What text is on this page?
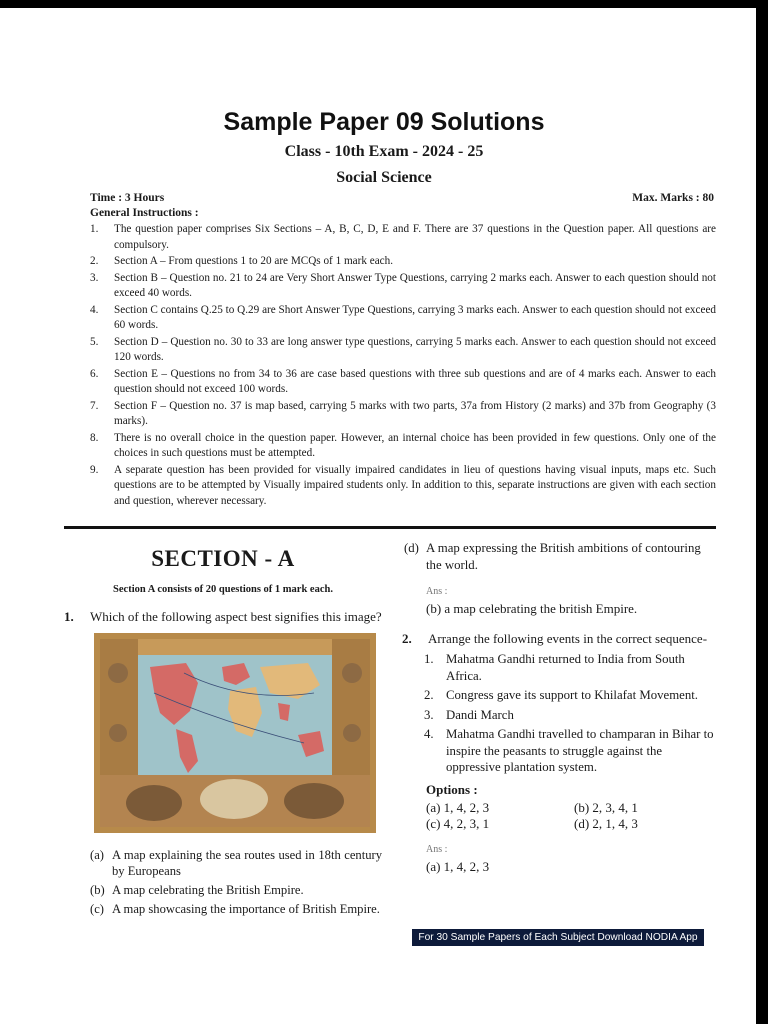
Sample Paper 09 Solutions
Class - 10th Exam - 2024 - 25
Social Science
Time : 3 Hours	Max. Marks : 80
General Instructions :
1. The question paper comprises Six Sections – A, B, C, D, E and F. There are 37 questions in the Question paper. All questions are compulsory.
2. Section A – From questions 1 to 20 are MCQs of 1 mark each.
3. Section B – Question no. 21 to 24 are Very Short Answer Type Questions, carrying 2 marks each. Answer to each question should not exceed 40 words.
4. Section C contains Q.25 to Q.29 are Short Answer Type Questions, carrying 3 marks each. Answer to each question should not exceed 60 words.
5. Section D – Question no. 30 to 33 are long answer type questions, carrying 5 marks each. Answer to each question should not exceed 120 words.
6. Section E – Questions no from 34 to 36 are case based questions with three sub questions and are of 4 marks each. Answer to each question should not exceed 100 words.
7. Section F – Question no. 37 is map based, carrying 5 marks with two parts, 37a from History (2 marks) and 37b from Geography (3 marks).
8. There is no overall choice in the question paper. However, an internal choice has been provided in few questions. Only one of the choices in such questions must be attempted.
9. A separate question has been provided for visually impaired candidates in lieu of questions having visual inputs, maps etc. Such questions are to be attempted by Visually impaired students only. In addition to this, separate instructions are given with each section and question, wherever necessary.
SECTION - A
Section A consists of 20 questions of 1 mark each.
1. Which of the following aspect best signifies this image?
(a) A map explaining the sea routes used in 18th century by Europeans
(b) A map celebrating the British Empire.
(c) A map showcasing the importance of British Empire.
(d) A map expressing the British ambitions of contouring the world.
Ans :
(b) a map celebrating the british Empire.
2. Arrange the following events in the correct sequence-
1. Mahatma Gandhi returned to India from South Africa.
2. Congress gave its support to Khilafat Movement.
3. Dandi March
4. Mahatma Gandhi travelled to champaran in Bihar to inspire the peasants to struggle against the oppressive plantation system.
Options :
(a) 1, 4, 2, 3	(b) 2, 3, 4, 1
(c) 4, 2, 3, 1	(d) 2, 1, 4, 3
Ans :
(a) 1, 4, 2, 3
For 30 Sample Papers of Each Subject Download NODIA App
